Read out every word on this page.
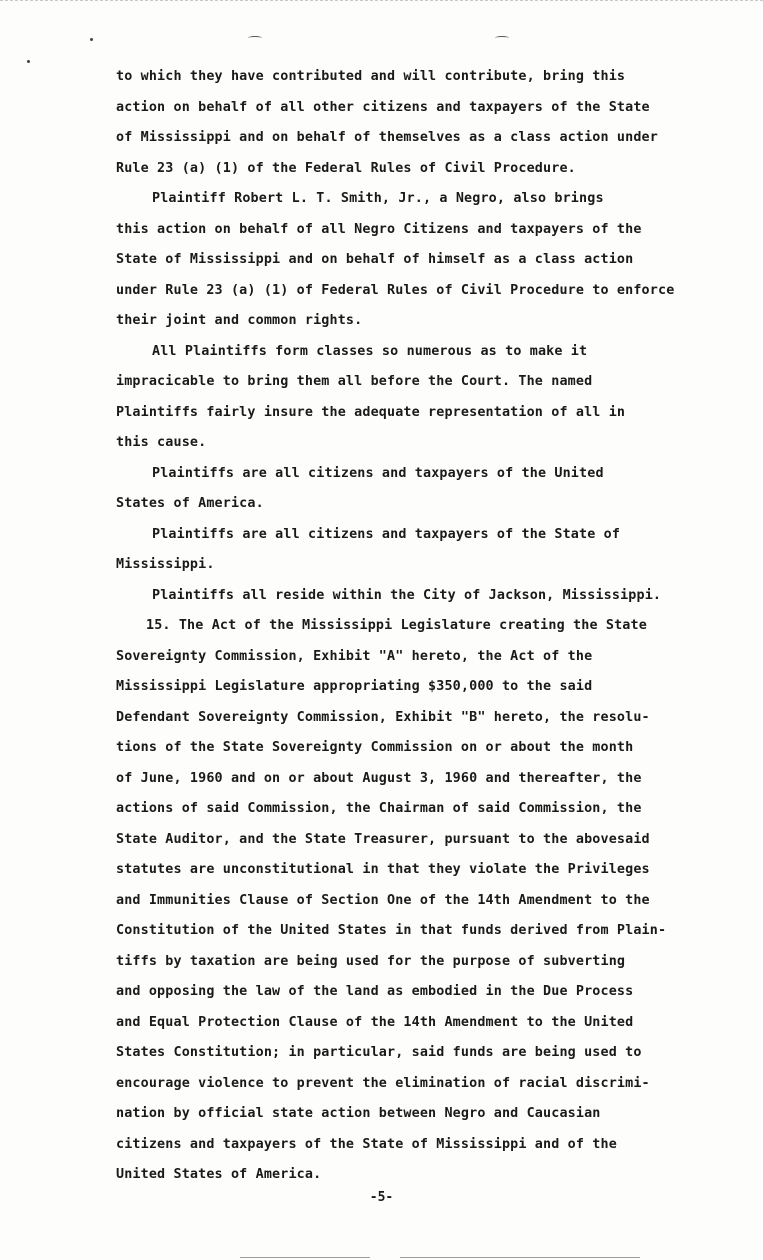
to which they have contributed and will contribute, bring this
action on behalf of all other citizens and taxpayers of the State
of Mississippi and on behalf of themselves as a class action under
Rule 23 (a) (1) of the Federal Rules of Civil Procedure.
Plaintiff Robert L. T. Smith, Jr., a Negro, also brings
this action on behalf of all Negro Citizens and taxpayers of the
State of Mississippi and on behalf of himself as a class action
under Rule 23 (a) (1) of Federal Rules of Civil Procedure to enforce
their joint and common rights.
All Plaintiffs form classes so numerous as to make it
impracicable to bring them all before the Court. The named
Plaintiffs fairly insure the adequate representation of all in
this cause.
Plaintiffs are all citizens and taxpayers of the United
States of America.
Plaintiffs are all citizens and taxpayers of the State of
Mississippi.
Plaintiffs all reside within the City of Jackson, Mississippi.
15. The Act of the Mississippi Legislature creating the State
Sovereignty Commission, Exhibit "A" hereto, the Act of the
Mississippi Legislature appropriating $350,000 to the said
Defendant Sovereignty Commission, Exhibit "B" hereto, the resolu-
tions of the State Sovereignty Commission on or about the month
of June, 1960 and on or about August 3, 1960 and thereafter, the
actions of said Commission, the Chairman of said Commission, the
State Auditor, and the State Treasurer, pursuant to the abovesaid
statutes are unconstitutional in that they violate the Privileges
and Immunities Clause of Section One of the 14th Amendment to the
Constitution of the United States in that funds derived from Plain-
tiffs by taxation are being used for the purpose of subverting
and opposing the law of the land as embodied in the Due Process
and Equal Protection Clause of the 14th Amendment to the United
States Constitution; in particular, said funds are being used to
encourage violence to prevent the elimination of racial discrimi-
nation by official state action between Negro and Caucasian
citizens and taxpayers of the State of Mississippi and of the
United States of America.
-5-
